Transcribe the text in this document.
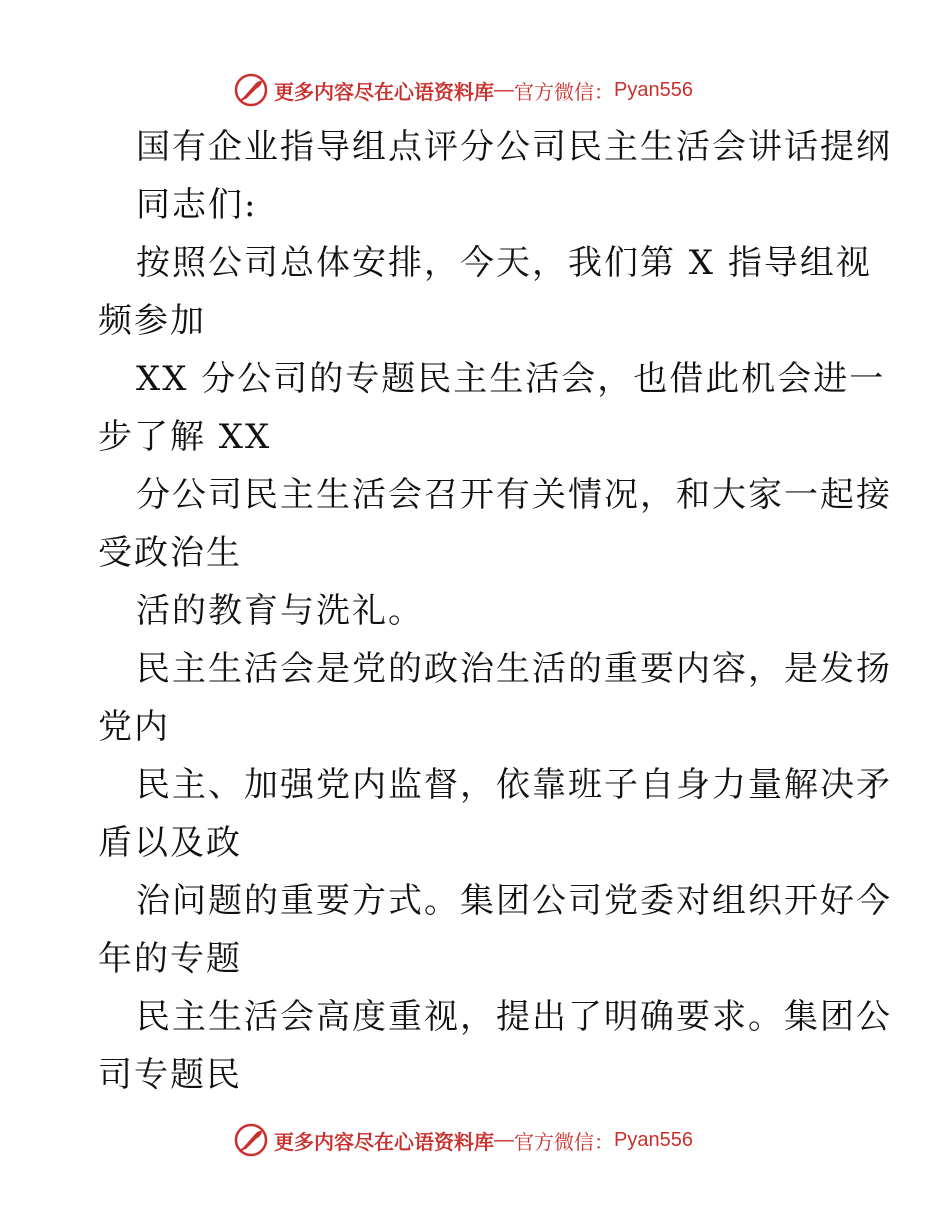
更多内容尽在心语资料库 — 官方微信： Pyan556
国有企业指导组点评分公司民主生活会讲话提纲
同志们:
按照公司总体安排，今天，我们第 X 指导组视
频参加
XX 分公司的专题民主生活会，也借此机会进一
步了解 XX
分公司民主生活会召开有关情况，和大家一起接
受政治生
活的教育与洗礼。
民主生活会是党的政治生活的重要内容，是发扬
党内
民主、加强党内监督，依靠班子自身力量解决矛
盾以及政
治问题的重要方式。集团公司党委对组织开好今
年的专题
民主生活会高度重视，提出了明确要求。集团公
司专题民
更多内容尽在心语资料库 — 官方微信： Pyan556
